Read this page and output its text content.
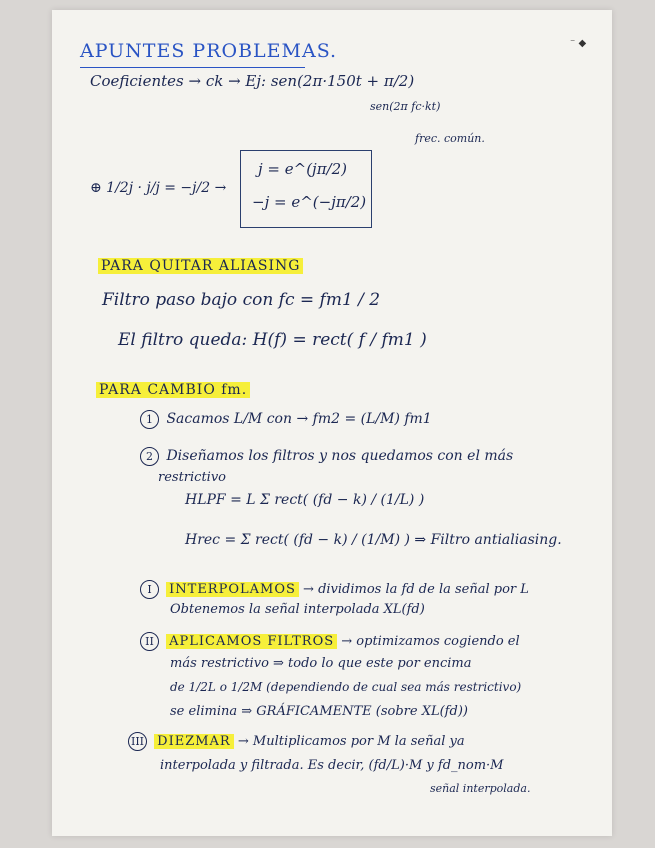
APUNTES PROBLEMAS.	⁻ ◆
Coeficientes → ck → Ej: sen(2π·150t + π/2)
sen(2π fc·kt)
frec. común.
⊕ 1/2j · j/j = −j/2 →
j = e^(jπ/2)
−j = e^(−jπ/2)
PARA QUITAR ALIASING
Filtro paso bajo con fc = fm1 / 2
El filtro queda: H(f) = rect( f / fm1 )
PARA CAMBIO fm.
1 Sacamos L/M con → fm2 = (L/M) fm1
2 Diseñamos los filtros y nos quedamos con el más
restrictivo
HLPF = L Σ rect( (fd − k) / (1/L) )
Hrec = Σ rect( (fd − k) / (1/M) ) ⇒ Filtro antialiasing.
I INTERPOLAMOS → dividimos la fd de la señal por L
Obtenemos la señal interpolada XL(fd)
II APLICAMOS FILTROS → optimizamos cogiendo el
más restrictivo ⇒ todo lo que este por encima
de 1/2L o 1/2M (dependiendo de cual sea más restrictivo)
se elimina ⇒ GRÁFICAMENTE (sobre XL(fd))
III DIEZMAR → Multiplicamos por M la señal ya
interpolada y filtrada. Es decir, (fd/L)·M y fd_nom·M
señal interpolada.
